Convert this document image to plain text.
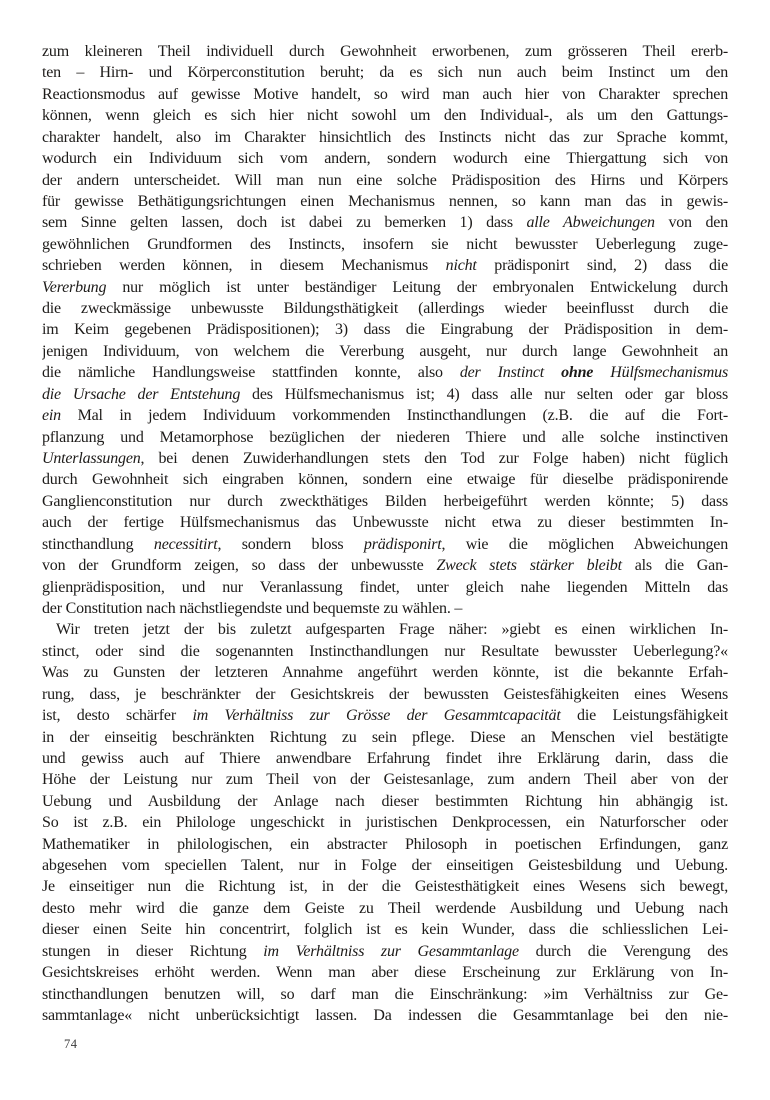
zum kleineren Theil individuell durch Gewohnheit erworbenen, zum grösseren Theil ererb-
ten – Hirn- und Körperconstitution beruht; da es sich nun auch beim Instinct um den
Reactionsmodus auf gewisse Motive handelt, so wird man auch hier von Charakter sprechen
können, wenn gleich es sich hier nicht sowohl um den Individual-, als um den Gattungs-
charakter handelt, also im Charakter hinsichtlich des Instincts nicht das zur Sprache kommt,
wodurch ein Individuum sich vom andern, sondern wodurch eine Thiergattung sich von
der andern unterscheidet. Will man nun eine solche Prädisposition des Hirns und Körpers
für gewisse Bethätigungsrichtungen einen Mechanismus nennen, so kann man das in gewis-
sem Sinne gelten lassen, doch ist dabei zu bemerken 1) dass alle Abweichungen von den
gewöhnlichen Grundformen des Instincts, insofern sie nicht bewusster Ueberlegung zuge-
schrieben werden können, in diesem Mechanismus nicht prädisponirt sind, 2) dass die
Vererbung nur möglich ist unter beständiger Leitung der embryonalen Entwickelung durch
die zweckmässige unbewusste Bildungsthätigkeit (allerdings wieder beeinflusst durch die
im Keim gegebenen Prädispositionen); 3) dass die Eingrabung der Prädisposition in dem-
jenigen Individuum, von welchem die Vererbung ausgeht, nur durch lange Gewohnheit an
die nämliche Handlungsweise stattfinden konnte, also der Instinct ohne Hülfsmechanismus
die Ursache der Entstehung des Hülfsmechanismus ist; 4) dass alle nur selten oder gar bloss
ein Mal in jedem Individuum vorkommenden Instincthandlungen (z.B. die auf die Fort-
pflanzung und Metamorphose bezüglichen der niederen Thiere und alle solche instinctiven
Unterlassungen, bei denen Zuwiderhandlungen stets den Tod zur Folge haben) nicht füglich
durch Gewohnheit sich eingraben können, sondern eine etwaige für dieselbe prädisponirende
Ganglienconstitution nur durch zweckthätiges Bilden herbeigeführt werden könnte; 5) dass
auch der fertige Hülfsmechanismus das Unbewusste nicht etwa zu dieser bestimmten In-
stincthandlung necessitirt, sondern bloss prädisponirt, wie die möglichen Abweichungen
von der Grundform zeigen, so dass der unbewusste Zweck stets stärker bleibt als die Gan-
glienprädisposition, und nur Veranlassung findet, unter gleich nahe liegenden Mitteln das
der Constitution nach nächstliegendste und bequemste zu wählen. –
Wir treten jetzt der bis zuletzt aufgesparten Frage näher: »giebt es einen wirklichen In-
stinct, oder sind die sogenannten Instincthandlungen nur Resultate bewusster Ueberlegung?«
Was zu Gunsten der letzteren Annahme angeführt werden könnte, ist die bekannte Erfah-
rung, dass, je beschränkter der Gesichtskreis der bewussten Geistesfähigkeiten eines Wesens
ist, desto schärfer im Verhältniss zur Grösse der Gesammtcapacität die Leistungsfähigkeit
in der einseitig beschränkten Richtung zu sein pflege. Diese an Menschen viel bestätigte
und gewiss auch auf Thiere anwendbare Erfahrung findet ihre Erklärung darin, dass die
Höhe der Leistung nur zum Theil von der Geistesanlage, zum andern Theil aber von der
Uebung und Ausbildung der Anlage nach dieser bestimmten Richtung hin abhängig ist.
So ist z.B. ein Philologe ungeschickt in juristischen Denkprocessen, ein Naturforscher oder
Mathematiker in philologischen, ein abstracter Philosoph in poetischen Erfindungen, ganz
abgesehen vom speciellen Talent, nur in Folge der einseitigen Geistesbildung und Uebung.
Je einseitiger nun die Richtung ist, in der die Geistesthätigkeit eines Wesens sich bewegt,
desto mehr wird die ganze dem Geiste zu Theil werdende Ausbildung und Uebung nach
dieser einen Seite hin concentrirt, folglich ist es kein Wunder, dass die schliesslichen Lei-
stungen in dieser Richtung im Verhältniss zur Gesammtanlage durch die Verengung des
Gesichtskreises erhöht werden. Wenn man aber diese Erscheinung zur Erklärung von In-
stincthandlungen benutzen will, so darf man die Einschränkung: »im Verhältniss zur Ge-
sammtanlage« nicht unberücksichtigt lassen. Da indessen die Gesammtanlage bei den nie-
74
